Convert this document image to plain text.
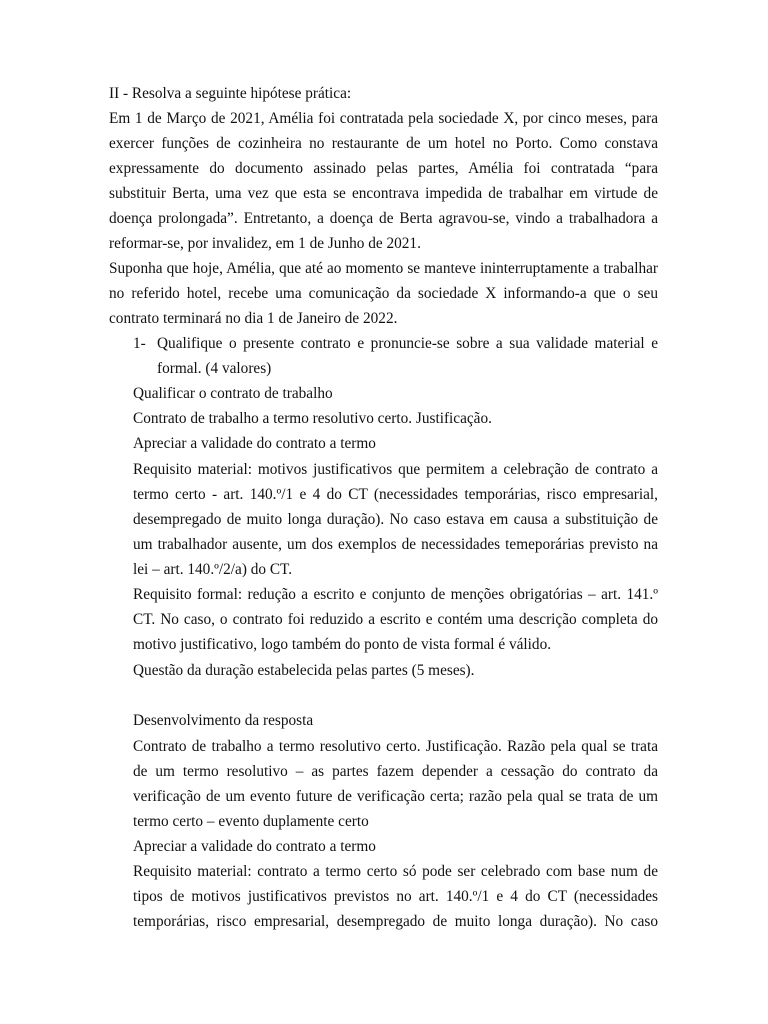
II - Resolva a seguinte hipótese prática:
Em 1 de Março de 2021, Amélia foi contratada pela sociedade X, por cinco meses, para
exercer funções de cozinheira no restaurante de um hotel no Porto. Como constava
expressamente do documento assinado pelas partes, Amélia foi contratada “para
substituir Berta, uma vez que esta se encontrava impedida de trabalhar em virtude de
doença prolongada”. Entretanto, a doença de Berta agravou-se, vindo a trabalhadora a
reformar-se, por invalidez, em 1 de Junho de 2021.
Suponha que hoje, Amélia, que até ao momento se manteve ininterruptamente a trabalhar
no referido hotel, recebe uma comunicação da sociedade X informando-a que o seu
contrato terminará no dia 1 de Janeiro de 2022.
1- Qualifique o presente contrato e pronuncie-se sobre a sua validade material e
formal. (4 valores)
Qualificar o contrato de trabalho
Contrato de trabalho a termo resolutivo certo. Justificação.
Apreciar a validade do contrato a termo
Requisito material: motivos justificativos que permitem a celebração de contrato a
termo certo - art. 140.º/1 e 4 do CT (necessidades temporárias, risco empresarial,
desempregado de muito longa duração). No caso estava em causa a substituição de
um trabalhador ausente, um dos exemplos de necessidades temeporárias previsto na
lei – art. 140.º/2/a) do CT.
Requisito formal: redução a escrito e conjunto de menções obrigatórias – art. 141.º
CT. No caso, o contrato foi reduzido a escrito e contém uma descrição completa do
motivo justificativo, logo também do ponto de vista formal é válido.
Questão da duração estabelecida pelas partes (5 meses).
Desenvolvimento da resposta
Contrato de trabalho a termo resolutivo certo. Justificação. Razão pela qual se trata
de um termo resolutivo – as partes fazem depender a cessação do contrato da
verificação de um evento future de verificação certa; razão pela qual se trata de um
termo certo – evento duplamente certo
Apreciar a validade do contrato a termo
Requisito material: contrato a termo certo só pode ser celebrado com base num de
tipos de motivos justificativos previstos no art. 140.º/1 e 4 do CT (necessidades
temporárias, risco empresarial, desempregado de muito longa duração). No caso
